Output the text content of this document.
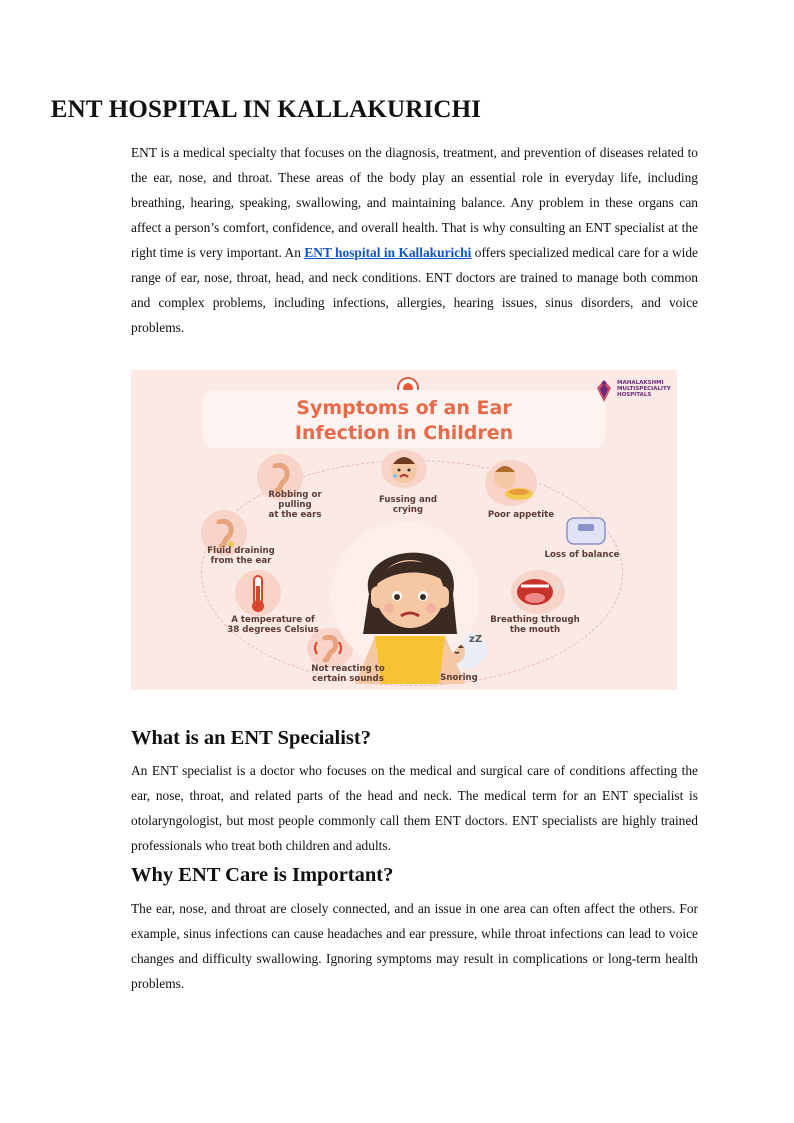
ENT HOSPITAL IN KALLAKURICHI

ENT is a medical specialty that focuses on the diagnosis, treatment, and prevention of diseases related to the ear, nose, and throat. These areas of the body play an essential role in everyday life, including breathing, hearing, speaking, swallowing, and maintaining balance. Any problem in these organs can affect a person’s comfort, confidence, and overall health. That is why consulting an ENT specialist at the right time is very important. An ENT hospital in Kallakurichi offers specialized medical care for a wide range of ear, nose, throat, head, and neck conditions. ENT doctors are trained to manage both common and complex problems, including infections, allergies, hearing issues, sinus disorders, and voice problems.

Symptoms of an Ear
Infection in Children
MAHALAKSHMI
MULTISPECIALITY
HOSPITALS
zZ
Robbing or
pulling
at the ears
Fussing and
crying	Poor appetite
Loss of balance
Fluid draining
from the ear
Breathing through
the mouth
A temperature of
38 degrees Celsius
Not reacting to
certain sounds	Snoring
What is an ENT Specialist?

An ENT specialist is a doctor who focuses on the medical and surgical care of conditions affecting the ear, nose, throat, and related parts of the head and neck. The medical term for an ENT specialist is otolaryngologist, but most people commonly call them ENT doctors. ENT specialists are highly trained professionals who treat both children and adults.

Why ENT Care is Important?

The ear, nose, and throat are closely connected, and an issue in one area can often affect the others. For example, sinus infections can cause headaches and ear pressure, while throat infections can lead to voice changes and difficulty swallowing. Ignoring symptoms may result in complications or long-term health problems.
